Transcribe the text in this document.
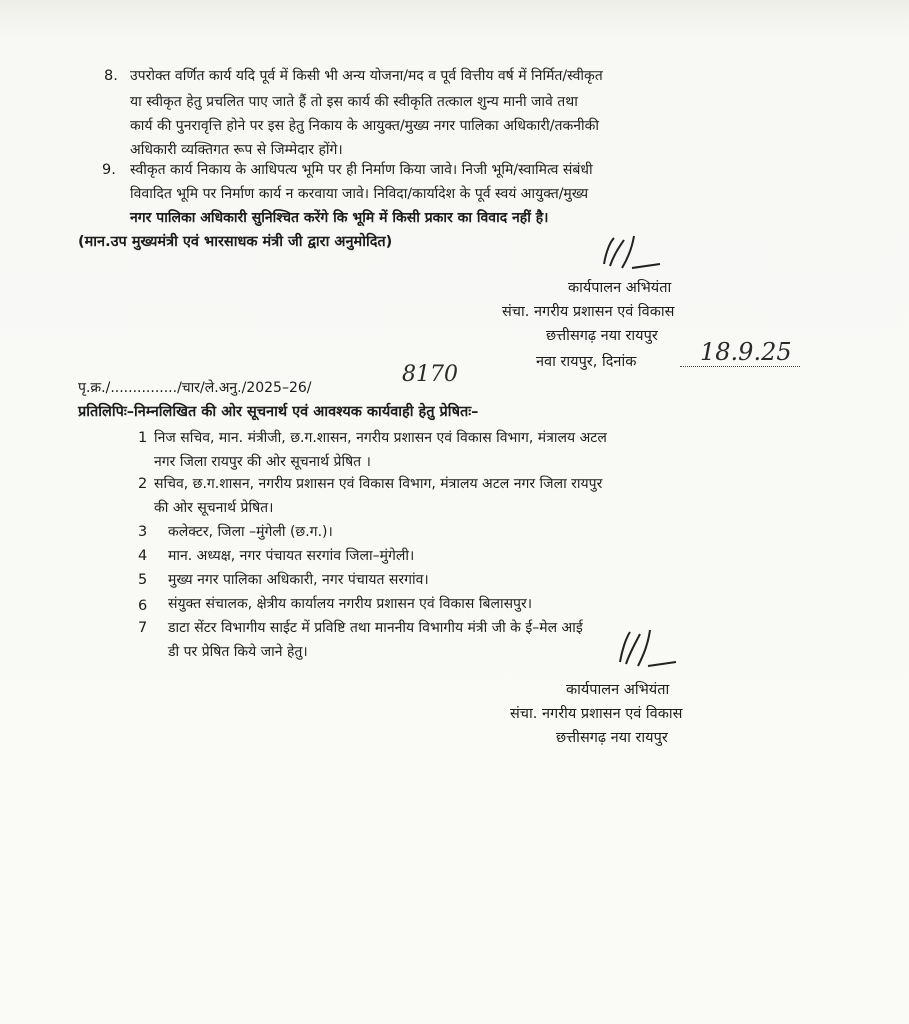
8. उपरोक्त वर्णित कार्य यदि पूर्व में किसी भी अन्य योजना/मद व पूर्व वित्तीय वर्ष में निर्मित/स्वीकृत
या स्वीकृत हेतु प्रचलित पाए जाते हैं तो इस कार्य की स्वीकृति तत्काल शुन्य मानी जावे तथा
कार्य की पुनरावृत्ति होने पर इस हेतु निकाय के आयुक्त/मुख्य नगर पालिका अधिकारी/तकनीकी
अधिकारी व्यक्तिगत रूप से जिम्मेदार होंगे।
9. स्वीकृत कार्य निकाय के आधिपत्य भूमि पर ही निर्माण किया जावे। निजी भूमि/स्वामित्व संबंधी
विवादित भूमि पर निर्माण कार्य न करवाया जावे। निविदा/कार्यादेश के पूर्व स्वयं आयुक्त/मुख्य
नगर पालिका अधिकारी सुनिश्चित करेंगे कि भूमि में किसी प्रकार का विवाद नहीं है।
(मान.उप मुख्यमंत्री एवं भारसाधक मंत्री जी द्वारा अनुमोदित)
कार्यपालन अभियंता
संचा. नगरीय प्रशासन एवं विकास
छत्तीसगढ़ नया रायपुर
नवा रायपुर, दिनांक	18.9.25
पृ.क्र./.............../चार/ले.अनु./2025–26/
8170
प्रतिलिपिः–निम्नलिखित की ओर सूचनार्थ एवं आवश्यक कार्यवाही हेतु प्रेषितः–
1 निज सचिव, मान. मंत्रीजी, छ.ग.शासन, नगरीय प्रशासन एवं विकास विभाग, मंत्रालय अटल
नगर जिला रायपुर की ओर सूचनार्थ प्रेषित ।
2 सचिव, छ.ग.शासन, नगरीय प्रशासन एवं विकास विभाग, मंत्रालय अटल नगर जिला रायपुर
की ओर सूचनार्थ प्रेषित।
3 कलेक्टर, जिला –मुंगेली (छ.ग.)।
4 मान. अध्यक्ष, नगर पंचायत सरगांव जिला–मुंगेली।
5 मुख्य नगर पालिका अधिकारी, नगर पंचायत सरगांव।
6 संयुक्त संचालक, क्षेत्रीय कार्यालय नगरीय प्रशासन एवं विकास बिलासपुर।
7 डाटा सेंटर विभागीय साईट में प्रविष्टि तथा माननीय विभागीय मंत्री जी के ई–मेल आई
डी पर प्रेषित किये जाने हेतु।
कार्यपालन अभियंता
संचा. नगरीय प्रशासन एवं विकास
छत्तीसगढ़ नया रायपुर
